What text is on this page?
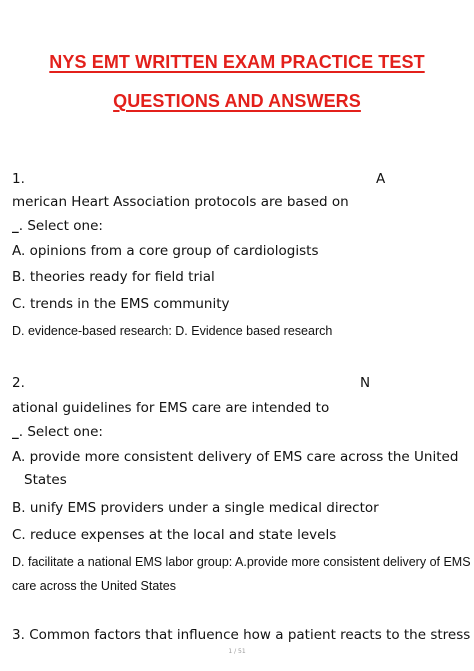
NYS EMT WRITTEN EXAM PRACTICE TEST
QUESTIONS AND ANSWERS
1.	A
merican Heart Association protocols are based on
_. Select one:
A. opinions from a core group of cardiologists
B. theories ready for field trial
C. trends in the EMS community
D. evidence-based research: D. Evidence based research
2.	N
ational guidelines for EMS care are intended to
_. Select one:
A. provide more consistent delivery of EMS care across the United
States
B. unify EMS providers under a single medical director
C. reduce expenses at the local and state levels
D. facilitate a national EMS labor group: A.provide more consistent delivery of EMS
care across the United States
3. Common factors that influence how a patient reacts to the stress
1 / 51
